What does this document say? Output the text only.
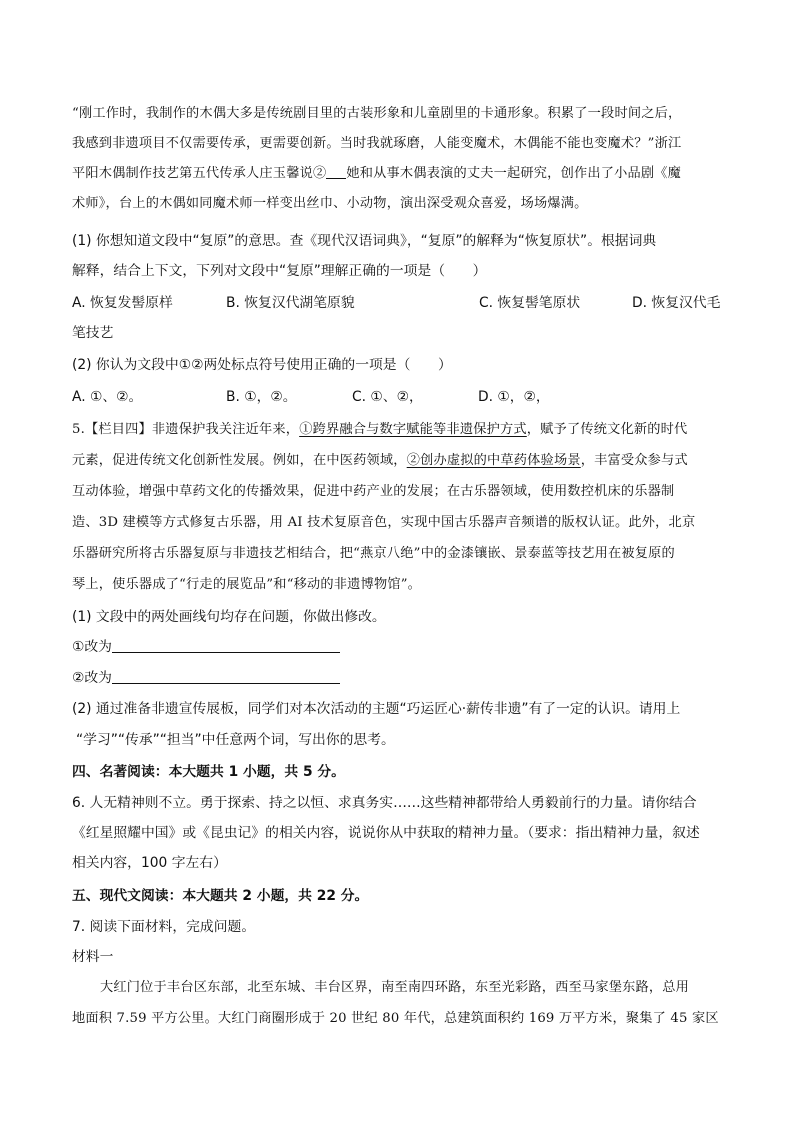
“刚工作时，我制作的木偶大多是传统剧目里的古装形象和儿童剧里的卡通形象。积累了一段时间之后，
我感到非遗项目不仅需要传承，更需要创新。当时我就琢磨，人能变魔术，木偶能不能也变魔术？”浙江
平阳木偶制作技艺第五代传承人庄玉馨说② 她和从事木偶表演的丈夫一起研究，创作出了小品剧《魔
术师》，台上的木偶如同魔术师一样变出丝巾、小动物，演出深受观众喜爱，场场爆满。
(1) 你想知道文段中“复原”的意思。查《现代汉语词典》，“复原”的解释为“恢复原状”。根据词典
解释，结合上下文，下列对文段中“复原”理解正确的一项是（　　）
A. 恢复发髻原样	B. 恢复汉代湖笔原貌	C. 恢复髻笔原状	D. 恢复汉代毛
笔技艺
(2) 你认为文段中①②两处标点符号使用正确的一项是（　　）
A. ①、②。	B. ①，②。	C. ①、②，	D. ①，②，
5.【栏目四】非遗保护我关注近年来，①跨界融合与数字赋能等非遗保护方式，赋予了传统文化新的时代
元素，促进传统文化创新性发展。例如，在中医药领域，②创办虚拟的中草药体验场景，丰富受众参与式
互动体验，增强中草药文化的传播效果，促进中药产业的发展；在古乐器领域，使用数控机床的乐器制
造、3D 建模等方式修复古乐器，用 AI 技术复原音色，实现中国古乐器声音频谱的版权认证。此外，北京
乐器研究所将古乐器复原与非遗技艺相结合，把“燕京八绝”中的金漆镶嵌、景泰蓝等技艺用在被复原的
琴上，使乐器成了“行走的展览品”和“移动的非遗博物馆”。
(1) 文段中的两处画线句均存在问题，你做出修改。
①改为
②改为
(2) 通过准备非遗宣传展板，同学们对本次活动的主题“巧运匠心·薪传非遗”有了一定的认识。请用上
“学习”“传承”“担当”中任意两个词，写出你的思考。
四、名著阅读：本大题共 1 小题，共 5 分。
6. 人无精神则不立。勇于探索、持之以恒、求真务实……这些精神都带给人勇毅前行的力量。请你结合
《红星照耀中国》或《昆虫记》的相关内容，说说你从中获取的精神力量。（要求：指出精神力量，叙述
相关内容，100 字左右）
五、现代文阅读：本大题共 2 小题，共 22 分。
7. 阅读下面材料，完成问题。
材料一
大红门位于丰台区东部，北至东城、丰台区界，南至南四环路，东至光彩路，西至马家堡东路，总用
地面积 7.59 平方公里。大红门商圈形成于 20 世纪 80 年代，总建筑面积约 169 万平方米，聚集了 45 家区
